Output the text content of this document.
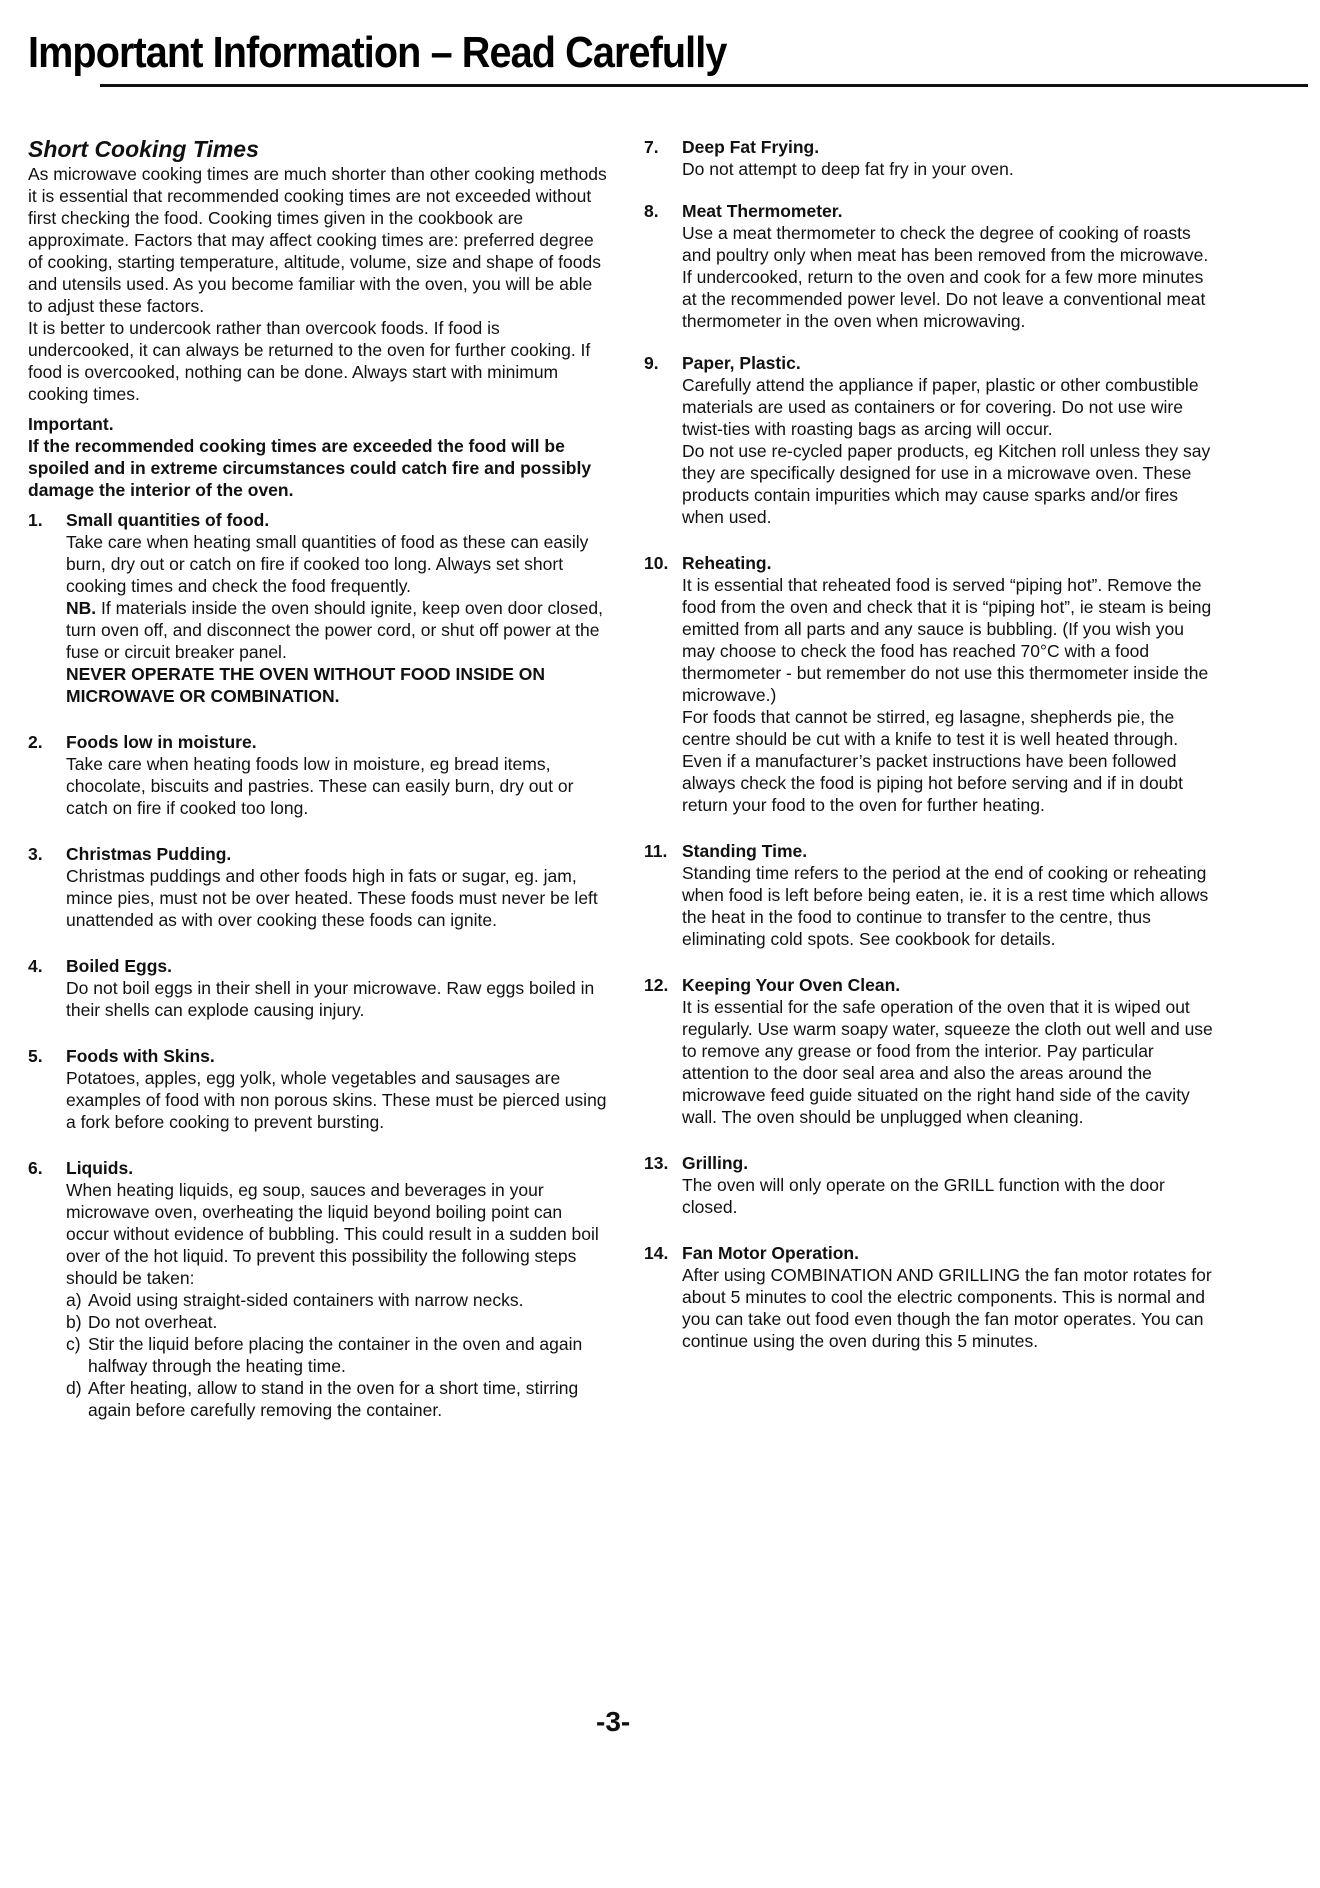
Important Information – Read Carefully

Short Cooking Times

As microwave cooking times are much shorter than other cooking methods it is essential that recommended cooking times are not exceeded without first checking the food. Cooking times given in the cookbook are approximate. Factors that may affect cooking times are: preferred degree of cooking, starting temperature, altitude, volume, size and shape of foods and utensils used. As you become familiar with the oven, you will be able to adjust these factors.

It is better to undercook rather than overcook foods. If food is undercooked, it can always be returned to the oven for further cooking. If food is overcooked, nothing can be done. Always start with minimum cooking times.

Important.

If the recommended cooking times are exceeded the food will be spoiled and in extreme circumstances could catch fire and possibly damage the interior of the oven.

1.	Small quantities of food.

Take care when heating small quantities of food as these can easily burn, dry out or catch on fire if cooked too long. Always set short cooking times and check the food frequently.

NB. If materials inside the oven should ignite, keep oven door closed, turn oven off, and disconnect the power cord, or shut off power at the fuse or circuit breaker panel.

NEVER OPERATE THE OVEN WITHOUT FOOD INSIDE ON MICROWAVE OR COMBINATION.

2.	Foods low in moisture.

Take care when heating foods low in moisture, eg bread items, chocolate, biscuits and pastries. These can easily burn, dry out or catch on fire if cooked too long.

3.	Christmas Pudding.

Christmas puddings and other foods high in fats or sugar, eg. jam, mince pies, must not be over heated. These foods must never be left unattended as with over cooking these foods can ignite.

4.	Boiled Eggs.

Do not boil eggs in their shell in your microwave. Raw eggs boiled in their shells can explode causing injury.

5.	Foods with Skins.

Potatoes, apples, egg yolk, whole vegetables and sausages are examples of food with non porous skins. These must be pierced using a fork before cooking to prevent bursting.

6.	Liquids.

When heating liquids, eg soup, sauces and beverages in your microwave oven, overheating the liquid beyond boiling point can occur without evidence of bubbling. This could result in a sudden boil over of the hot liquid. To prevent this possibility the following steps should be taken:

a) Avoid using straight-sided containers with narrow necks.
b) Do not overheat.
c) Stir the liquid before placing the container in the oven and again halfway through the heating time.
d) After heating, allow to stand in the oven for a short time, stirring again before carefully removing the container.
7.	Deep Fat Frying.

Do not attempt to deep fat fry in your oven.

8.	Meat Thermometer.

Use a meat thermometer to check the degree of cooking of roasts and poultry only when meat has been removed from the microwave. If undercooked, return to the oven and cook for a few more minutes at the recommended power level. Do not leave a conventional meat thermometer in the oven when microwaving.

9.	Paper, Plastic.

Carefully attend the appliance if paper, plastic or other combustible materials are used as containers or for covering. Do not use wire twist-ties with roasting bags as arcing will occur.

Do not use re-cycled paper products, eg Kitchen roll unless they say they are specifically designed for use in a microwave oven. These products contain impurities which may cause sparks and/or fires when used.

10. Reheating.

It is essential that reheated food is served “piping hot”. Remove the food from the oven and check that it is “piping hot”, ie steam is being emitted from all parts and any sauce is bubbling. (If you wish you may choose to check the food has reached 70°C with a food thermometer - but remember do not use this thermometer inside the microwave.)

For foods that cannot be stirred, eg lasagne, shepherds pie, the centre should be cut with a knife to test it is well heated through. Even if a manufacturer’s packet instructions have been followed always check the food is piping hot before serving and if in doubt return your food to the oven for further heating.

11. Standing Time.

Standing time refers to the period at the end of cooking or reheating when food is left before being eaten, ie. it is a rest time which allows the heat in the food to continue to transfer to the centre, thus eliminating cold spots. See cookbook for details.

12. Keeping Your Oven Clean.

It is essential for the safe operation of the oven that it is wiped out regularly. Use warm soapy water, squeeze the cloth out well and use to remove any grease or food from the interior. Pay particular attention to the door seal area and also the areas around the microwave feed guide situated on the right hand side of the cavity wall. The oven should be unplugged when cleaning.

13. Grilling.

The oven will only operate on the GRILL function with the door closed.

14. Fan Motor Operation.

After using COMBINATION AND GRILLING the fan motor rotates for about 5 minutes to cool the electric components. This is normal and you can take out food even though the fan motor operates. You can continue using the oven during this 5 minutes.

-3-
